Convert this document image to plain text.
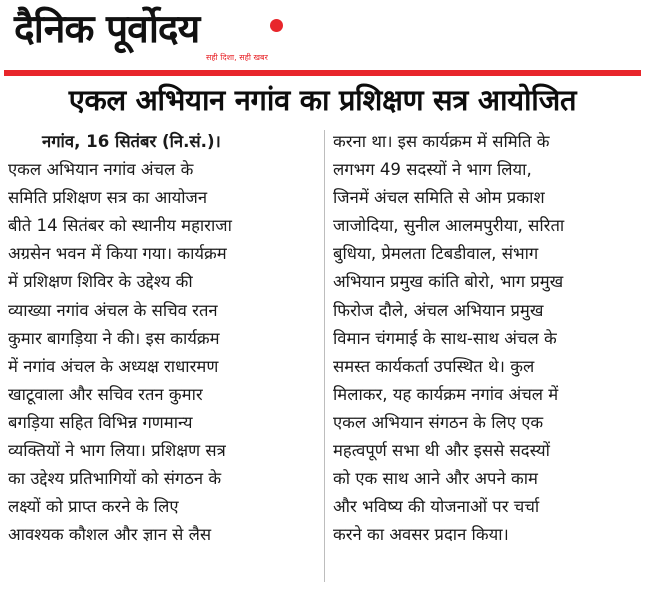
दैनिक पूर्वोदय
सही दिशा, सही खबर
एकल अभियान नगांव का प्रशिक्षण सत्र आयोजित
नगांव, 16 सितंबर (नि.सं.)।
एकल अभियान नगांव अंचल के
समिति प्रशिक्षण सत्र का आयोजन
बीते 14 सितंबर को स्थानीय महाराजा
अग्रसेन भवन में किया गया। कार्यक्रम
में प्रशिक्षण शिविर के उद्देश्य की
व्याख्या नगांव अंचल के सचिव रतन
कुमार बागड़िया ने की। इस कार्यक्रम
में नगांव अंचल के अध्यक्ष राधारमण
खाटूवाला और सचिव रतन कुमार
बगड़िया सहित विभिन्न गणमान्य
व्यक्तियों ने भाग लिया। प्रशिक्षण सत्र
का उद्देश्य प्रतिभागियों को संगठन के
लक्ष्यों को प्राप्त करने के लिए
आवश्यक कौशल और ज्ञान से लैस
करना था। इस कार्यक्रम में समिति के
लगभग 49 सदस्यों ने भाग लिया,
जिनमें अंचल समिति से ओम प्रकाश
जाजोदिया, सुनील आलमपुरीया, सरिता
बुधिया, प्रेमलता टिबडीवाल, संभाग
अभियान प्रमुख कांति बोरो, भाग प्रमुख
फिरोज दौले, अंचल अभियान प्रमुख
विमान चंगमाई के साथ-साथ अंचल के
समस्त कार्यकर्ता उपस्थित थे। कुल
मिलाकर, यह कार्यक्रम नगांव अंचल में
एकल अभियान संगठन के लिए एक
महत्वपूर्ण सभा थी और इससे सदस्यों
को एक साथ आने और अपने काम
और भविष्य की योजनाओं पर चर्चा
करने का अवसर प्रदान किया।
